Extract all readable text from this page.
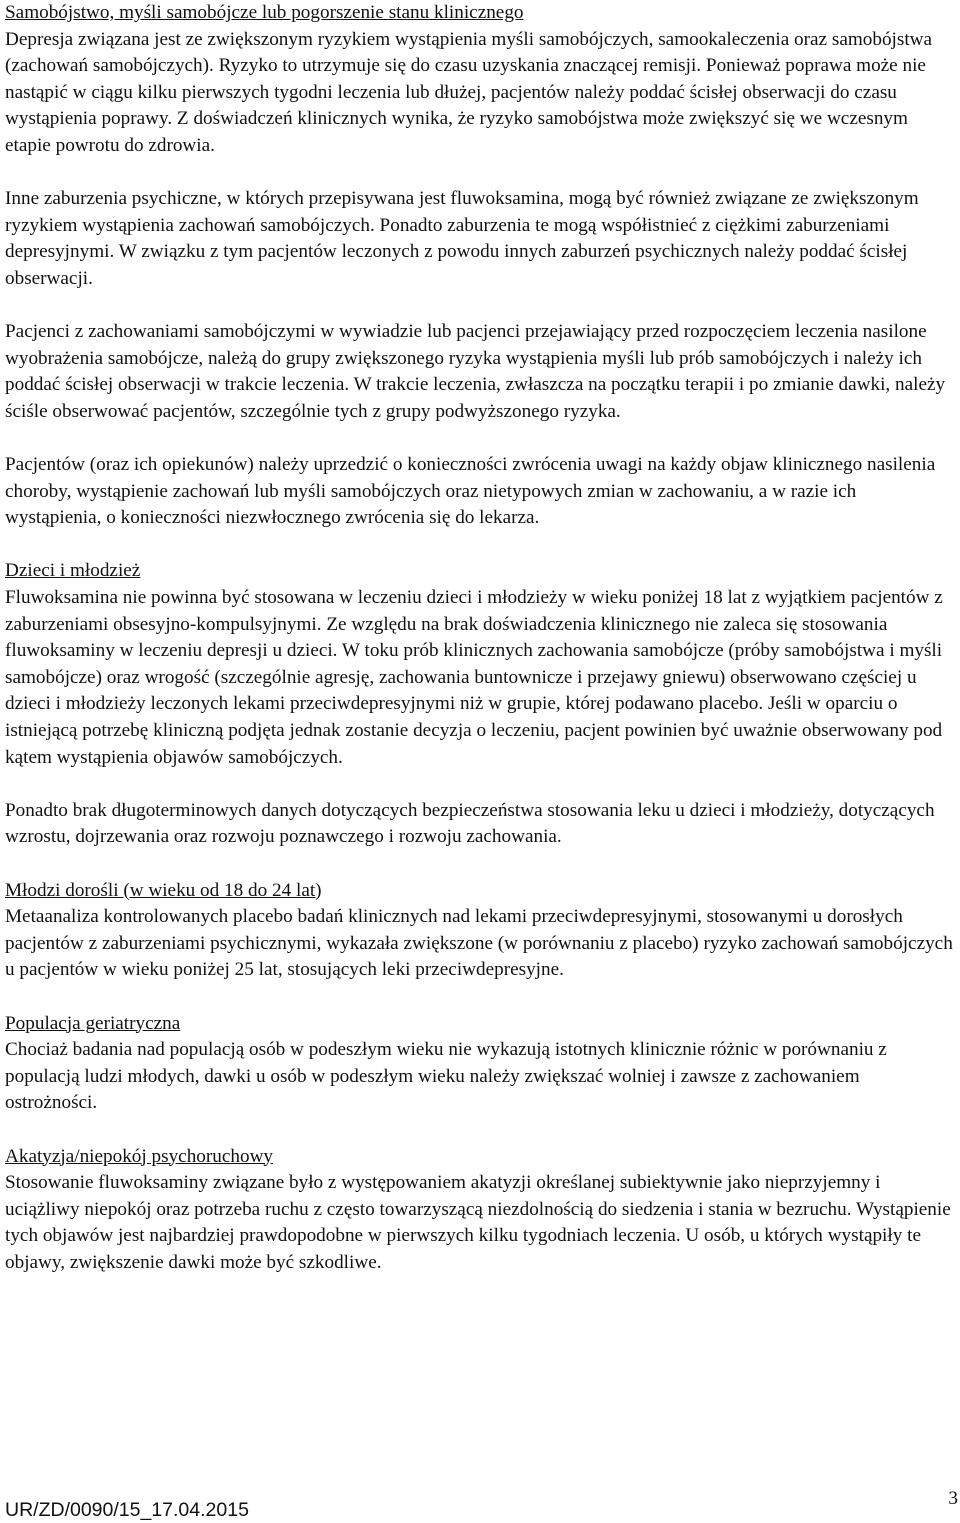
Samobójstwo, myśli samobójcze lub pogorszenie stanu klinicznego
Depresja związana jest ze zwiększonym ryzykiem wystąpienia myśli samobójczych, samookaleczenia oraz samobójstwa (zachowań samobójczych). Ryzyko to utrzymuje się do czasu uzyskania znaczącej remisji. Ponieważ poprawa może nie nastąpić w ciągu kilku pierwszych tygodni leczenia lub dłużej, pacjentów należy poddać ścisłej obserwacji do czasu wystąpienia poprawy. Z doświadczeń klinicznych wynika, że ryzyko samobójstwa może zwiększyć się we wczesnym etapie powrotu do zdrowia.
Inne zaburzenia psychiczne, w których przepisywana jest fluwoksamina, mogą być również związane ze zwiększonym ryzykiem wystąpienia zachowań samobójczych. Ponadto zaburzenia te mogą współistnieć z ciężkimi zaburzeniami depresyjnymi. W związku z tym pacjentów leczonych z powodu innych zaburzeń psychicznych należy poddać ścisłej obserwacji.
Pacjenci z zachowaniami samobójczymi w wywiadzie lub pacjenci przejawiający przed rozpoczęciem leczenia nasilone wyobrażenia samobójcze, należą do grupy zwiększonego ryzyka wystąpienia myśli lub prób samobójczych i należy ich poddać ścisłej obserwacji w trakcie leczenia. W trakcie leczenia, zwłaszcza na początku terapii i po zmianie dawki, należy ściśle obserwować pacjentów, szczególnie tych z grupy podwyższonego ryzyka.
Pacjentów (oraz ich opiekunów) należy uprzedzić o konieczności zwrócenia uwagi na każdy objaw klinicznego nasilenia choroby, wystąpienie zachowań lub myśli samobójczych oraz nietypowych zmian w zachowaniu, a w razie ich wystąpienia, o konieczności niezwłocznego zwrócenia się do lekarza.
Dzieci i młodzież
Fluwoksamina nie powinna być stosowana w leczeniu dzieci i młodzieży w wieku poniżej 18 lat z wyjątkiem pacjentów z zaburzeniami obsesyjno-kompulsyjnymi. Ze względu na brak doświadczenia klinicznego nie zaleca się stosowania fluwoksaminy w leczeniu depresji u dzieci. W toku prób klinicznych zachowania samobójcze (próby samobójstwa i myśli samobójcze) oraz wrogość (szczególnie agresję, zachowania buntownicze i przejawy gniewu) obserwowano częściej u dzieci i młodzieży leczonych lekami przeciwdepresyjnymi niż w grupie, której podawano placebo. Jeśli w oparciu o istniejącą potrzebę kliniczną podjęta jednak zostanie decyzja o leczeniu, pacjent powinien być uważnie obserwowany pod kątem wystąpienia objawów samobójczych.
Ponadto brak długoterminowych danych dotyczących bezpieczeństwa stosowania leku u dzieci i młodzieży, dotyczących wzrostu, dojrzewania oraz rozwoju poznawczego i rozwoju zachowania.
Młodzi dorośli (w wieku od 18 do 24 lat)
Metaanaliza kontrolowanych placebo badań klinicznych nad lekami przeciwdepresyjnymi, stosowanymi u dorosłych pacjentów z zaburzeniami psychicznymi, wykazała zwiększone (w porównaniu z placebo) ryzyko zachowań samobójczych u pacjentów w wieku poniżej 25 lat, stosujących leki przeciwdepresyjne.
Populacja geriatryczna
Chociaż badania nad populacją osób w podeszłym wieku nie wykazują istotnych klinicznie różnic w porównaniu z populacją ludzi młodych, dawki u osób w podeszłym wieku należy zwiększać wolniej i zawsze z zachowaniem ostrożności.
Akatyzja/niepokój psychoruchowy
Stosowanie fluwoksaminy związane było z występowaniem akatyzji określanej subiektywnie jako nieprzyjemny i uciążliwy niepokój oraz potrzeba ruchu z często towarzyszącą niezdolnością do siedzenia i stania w bezruchu. Wystąpienie tych objawów jest najbardziej prawdopodobne w pierwszych kilku tygodniach leczenia. U osób, u których wystąpiły te objawy, zwiększenie dawki może być szkodliwe.
3
UR/ZD/0090/15_17.04.2015
